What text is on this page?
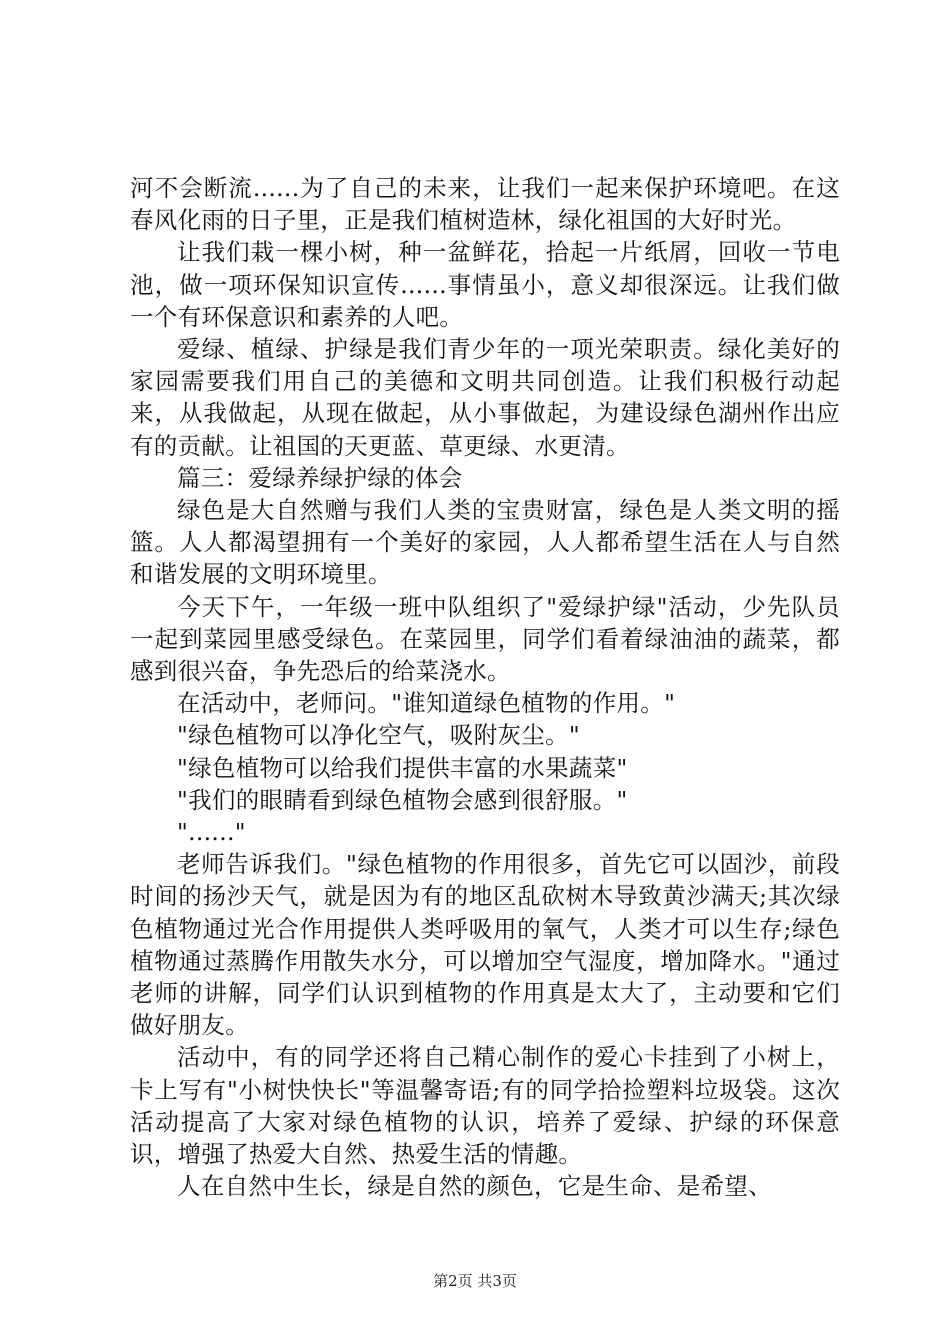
河不会断流......为了自己的未来，让我们一起来保护环境吧。在这春风化雨的日子里，正是我们植树造林，绿化祖国的大好时光。

让我们栽一棵小树，种一盆鲜花，拾起一片纸屑，回收一节电池，做一项环保知识宣传......事情虽小，意义却很深远。让我们做一个有环保意识和素养的人吧。

爱绿、植绿、护绿是我们青少年的一项光荣职责。绿化美好的家园需要我们用自己的美德和文明共同创造。让我们积极行动起来，从我做起，从现在做起，从小事做起，为建设绿色湖州作出应有的贡献。让祖国的天更蓝、草更绿、水更清。

篇三：爱绿养绿护绿的体会

绿色是大自然赠与我们人类的宝贵财富，绿色是人类文明的摇篮。人人都渴望拥有一个美好的家园，人人都希望生活在人与自然和谐发展的文明环境里。

今天下午，一年级一班中队组织了"爱绿护绿"活动，少先队员一起到菜园里感受绿色。在菜园里，同学们看着绿油油的蔬菜，都感到很兴奋，争先恐后的给菜浇水。

在活动中，老师问。"谁知道绿色植物的作用。"

"绿色植物可以净化空气，吸附灰尘。"

"绿色植物可以给我们提供丰富的水果蔬菜"

"我们的眼睛看到绿色植物会感到很舒服。"

"......"

老师告诉我们。"绿色植物的作用很多，首先它可以固沙，前段时间的扬沙天气，就是因为有的地区乱砍树木导致黄沙满天;其次绿色植物通过光合作用提供人类呼吸用的氧气，人类才可以生存;绿色植物通过蒸腾作用散失水分，可以增加空气湿度，增加降水。"通过老师的讲解，同学们认识到植物的作用真是太大了，主动要和它们做好朋友。

活动中，有的同学还将自己精心制作的爱心卡挂到了小树上，卡上写有"小树快快长"等温馨寄语;有的同学拾捡塑料垃圾袋。这次活动提高了大家对绿色植物的认识，培养了爱绿、护绿的环保意识，增强了热爱大自然、热爱生活的情趣。

人在自然中生长，绿是自然的颜色，它是生命、是希望、

第2页 共3页
